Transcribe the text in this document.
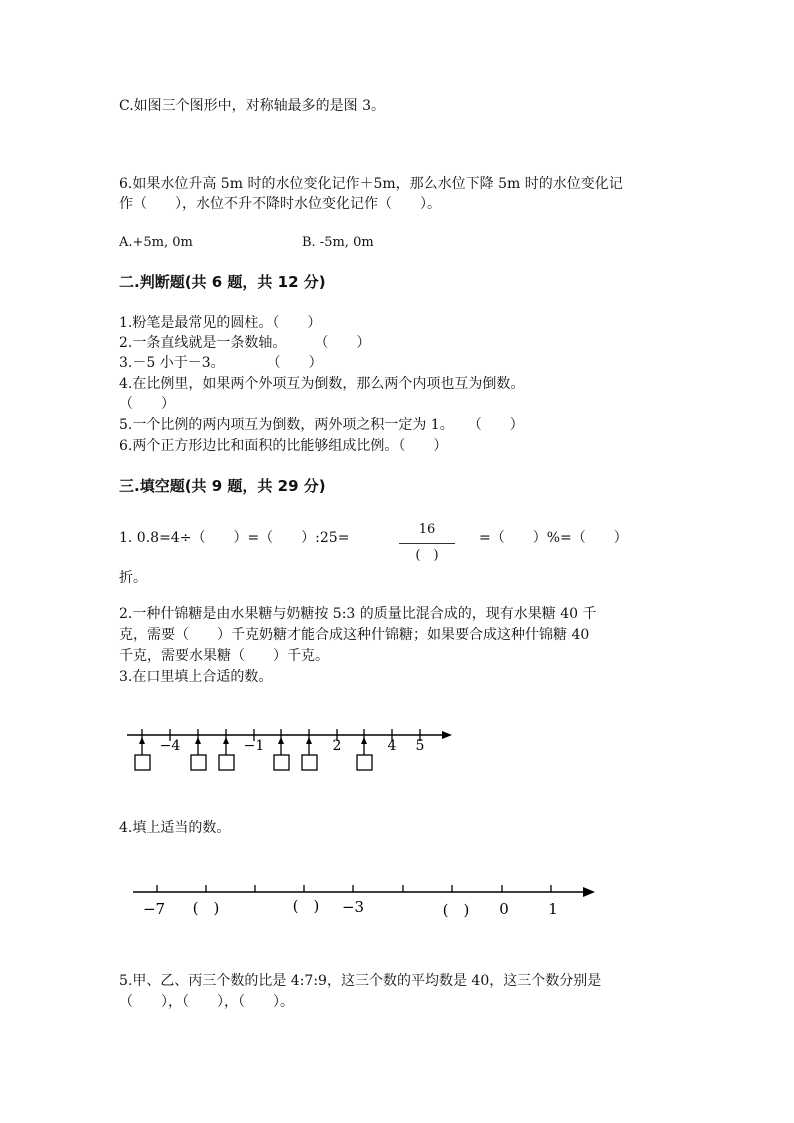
C.如图三个图形中，对称轴最多的是图 3。
6.如果水位升高 5m 时的水位变化记作＋5m，那么水位下降 5m 时的水位变化记
作（　　），水位不升不降时水位变化记作（　　）。
A.+5m, 0m	B. -5m, 0m
二.判断题(共 6 题，共 12 分)
1.粉笔是最常见的圆柱。（　　）
2.一条直线就是一条数轴。　　　（　　）
3.－5 小于－3。　　　　（　　）
4.在比例里，如果两个外项互为倒数，那么两个内项也互为倒数。
（　　）
5.一个比例的两内项互为倒数，两外项之积一定为 1。　　（　　）
6.两个正方形边比和面积的比能够组成比例。（　　）
三.填空题(共 9 题，共 29 分)
1. 0.8=4÷（　　）=（　　）:25=
16
(　)
=（　　）%=（　　）
折。
2.一种什锦糖是由水果糖与奶糖按 5:3 的质量比混合成的，现有水果糖 40 千
克，需要（　　）千克奶糖才能合成这种什锦糖；如果要合成这种什锦糖 40
千克，需要水果糖（　　）千克。
3.在口里填上合适的数。
−4	−1	2	4 5
−7	−3	0	1
(　)	(　)	(　)
4.填上适当的数。
5.甲、乙、丙三个数的比是 4:7:9，这三个数的平均数是 40，这三个数分别是
（　　），（　　），（　　）。
